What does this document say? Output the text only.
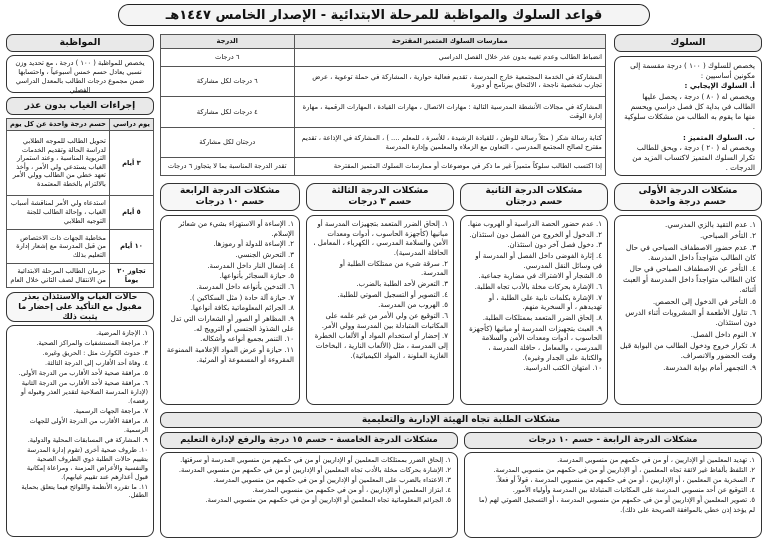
قواعد السلوك والمواظبة للمرحلة الابتدائية - الإصدار الخامس ١٤٤٧هـ
السلوك
يخصص للسلوك ( ١٠٠ ) درجة مقسمة إلى مكونين أساسيين :
أ. السلوك الإيجابي :
ويخصص له ( ٨٠ ) درجة ، يحصل عليها الطالب في بداية كل فصل دراسي ويحسم منها ما يقوم به الطالب من مشكلات سلوكية .
ب. السلوك المتميز :
ويخصص له ( ٢٠ ) درجة ، ويحق للطالب تكرار السلوك المتميز لاكتساب المزيد من الدرجات .
ممارسات السلوك المتميز المقترحة	الدرجة
انضباط الطالب وعدم تغيبه بدون عذر خلال الفصل الدراسي	٦ درجات
المشاركة في الخدمة المجتمعية خارج المدرسة ، تقديم فعالية حوارية ، المشاركة في حملة توعوية ، عرض تجارب شخصية ناجحة ، الالتحاق ببرنامج أو دورة	٦ درجات لكل مشاركة
المشاركة في مجالات الأنشطة المدرسية التالية : مهارات الاتصال ، مهارات القيادة ، المهارات الرقمية ، مهارة إدارة الوقت	٤ درجات لكل مشاركة
كتابة رسالة شكر ( مثلاً رسالة للوطن ، للقيادة الرشيدة ، للأسرة ، للمعلم .... ) ، المشاركة في الإذاعة ، تقديم مقترح لصالح المجتمع المدرسي ، التعاون مع الزملاء والمعلمين وإدارة المدرسة	درجتان لكل مشاركة
إذا اكتسب الطالب سلوكاً متميزاً غير ما ذكر في موضوعات أو ممارسات السلوك المتميز المقترحة	تقدر الدرجة المناسبة بما لا يتجاوز ٦ درجات
المواظبة
يخصص للمواظبة ( ١٠٠ ) درجة ، مع تحديد وزن نسبي يعادل حسم خمس أسبوعياً ، واحتسابها ضمن مجموع درجات الطالب بالمعدل الدراسي الفصلي
إجراءات الغياب بدون عذر
يوم دراسي	حسم درجة واحدة عن كل يوم
٣ أيام	تحويل الطالب للموجه الطلابي لدراسة الحالة وتقديم الخدمات التربوية المناسبة ، وعند استمرار الغياب يستدعي ولي الأمر ، وأخذ تعهد خطي من الطالب وولي الأمر بالالتزام بالخطة المعتمدة
٥ أيام	استدعاء ولي الأمر لمناقشة أسباب الغياب ، وإحالة الطالب للجنة التوجيه الطلابي
١٠ أيام	مخاطبة الجهات ذات الاختصاص من قبل المدرسة مع إشعار إدارة التعليم بذلك
تجاوز ٢٠ يوماً	حرمان الطالب المرحلة الابتدائية من الانتقال لصف الثاني خلال العام
حالات الغياب والاستئذان بعذر مقبول مع التأكيد على إحضار ما يثبت ذلك
١. الإجازة المرضية.
٢. مراجعة المستشفيات والمراكز الصحية.
٣. حدوث الكوارث مثل : الحريق وغيره.
٤. وفاة أحد الأقارب إلى الدرجة الثالثة.
٥. مرافقة صحية لأحد الأقارب من الدرجة الأولى.
٦. مرافقة صحية لأحد الأقارب من الدرجة الثانية (لإدارة المدرسة الصلاحية لتقدير العذر وقبوله أو رفضه).
٧. مراجعة الجهات الرسمية.
٨. مرافقة الأقارب من الدرجة الأولى للجهات الرسمية.
٩. المشاركة في المسابقات المحلية والدولية.
١٠. ظروف صحية أخرى (تقوم إدارة المدرسة بتقييم حالات الطلبة ذوي الظروف الصحية والنفسية والأعراض المزمنة ، ومراعاة إمكانية قبول أعذارهم عند تقييم غيابهم).
١١. ما تقرره الأنظمة واللوائح فيما يتعلق بحماية الطفل.
مشكلات الدرجة الأولى
حسم درجة واحدة
١. عدم التقيد بالزي المدرسي.
٢. التأخر الصباحي.
٣. عدم حضور الاصطفاف الصباحي في حال كان الطالب متواجداً داخل المدرسة.
٤. التأخر عن الاصطفاف الصباحي في حال كان الطالب متواجداً داخل المدرسة أو العبث أثنائه.
٥. التأخر في الدخول إلى الحصص.
٦. تناول الأطعمة أو المشروبات أثناء الدرس دون استئذان.
٧. النوم داخل الفصل.
٨. تكرار خروج ودخول الطالب من البوابة قبل وقت الحضور والانصراف.
٩. التجمهر أمام بوابة المدرسة.
مشكلات الدرجة الثانية
حسم درجتان
١. عدم حضور الحصة الدراسية أو الهروب منها.
٢. الدخول أو الخروج من الفصل دون استئذان.
٣. دخول فصل آخر دون استئذان.
٤. إثارة الفوضى داخل الفصل أو المدرسة أو في وسائل النقل المدرسي.
٥. الشجار أو الاشتراك في مضاربة جماعية.
٦. الإشارة بحركات مخلة بالأدب تجاه الطلبة.
٧. الإشارة بكلمات نابية على الطلبة ، أو تهديدهم ، أو السخرية منهم.
٨. إلحاق الضرر المتعمد بممتلكات الطلبة.
٩. العبث بتجهيزات المدرسة أو مبانيها (كأجهزة الحاسوب ، أدوات ومعدات الأمن والسلامة المدرسي ، والمعامل ، حافلة المدرسة ، والكتابة على الجدار وغيره).
١٠. امتهان الكتب الدراسية.
مشكلات الدرجة الثالثة
حسم ٣ درجات
١. إلحاق الضرر المتعمد بتجهيزات المدرسة أو مبانيها (كأجهزة الحاسوب ، أدوات ومعدات الأمن والسلامة المدرسي ، الكهرباء ، المعامل ، الحافلة المدرسية).
٢. سرقة شيء من ممتلكات الطلبة أو المدرسة.
٣. التعرض لأحد الطلبة بالضرب.
٤. التصوير أو التسجيل الصوتي للطلبة.
٥. الهروب من المدرسة.
٦. التوقيع عن ولي الأمر من غير علمه على المكاتبات المتبادلة بين المدرسة وولي الأمر.
٧. إحضار أو استخدام المواد أو الألعاب الخطرة إلى المدرسة ، مثل (الألعاب النارية ، البخاخات الغازية الملونة ، المواد الكيميائية).
مشكلات الدرجة الرابعة
حسم ١٠ درجات
١. الإساءة أو الاستهزاء بشيء من شعائر الإسلام.
٢. الإساءة للدولة أو رموزها.
٣. التحرش الجنسي.
٤. إشعال النار داخل المدرسة.
٥. حيازة السجائر بأنواعها.
٦. التدخين بأنواعه داخل المدرسة.
٧. حيازة آلة حادة ( مثل السكاكين ).
٨. الجرائم المعلوماتية بكافة أنواعها.
٩. المظاهر أو الصور أو الشعارات التي تدل على الشذوذ الجنسي أو الترويج له.
١٠. التنمر بجميع أنواعه وأشكاله.
١١. حيازة أو عرض المواد الإعلامية الممنوعة المقروءة أو المسموعة أو المرئية.
مشكلات الطلبة تجاه الهيئة الإدارية والتعليمية
مشكلات الدرجة الرابعة - حسم ١٠ درجات
١. تهديد المعلمين أو الإداريين ، أو من في حكمهم من منسوبي المدرسة.
٢. التلفظ بألفاظ غير لائقة تجاه المعلمين ، أو الإداريين أو من في حكمهم من منسوبي المدرسة.
٣. السخرية من المعلمين ، أو الإداريين ، أو من في حكمهم من منسوبي المدرسة ، قولاً أو فعلاً.
٤. التوقيع عن أحد منسوبي المدرسة على المكاتبات المتبادلة بين المدرسة وأولياء الأمور.
٥. تصوير المعلمين أو الإداريين أو من في حكمهم من منسوبي المدرسة ، أو التسجيل الصوتي لهم (ما لم يؤخذ إذن خطي بالموافقة الصريحة على ذلك).
مشكلات الدرجة الخامسة - حسم ١٥ درجة والرفع لإدارة التعليم
١. إلحاق الضرر بممتلكات المعلمين أو الإداريين أو من في حكمهم من منسوبي المدرسة أو سرقتها.
٢. الإشارة بحركات مخلة بالأدب تجاه المعلمين أو الإداريين أو من في حكمهم من منسوبي المدرسة.
٣. الاعتداء بالضرب على المعلمين أو الإداريين أو من في حكمهم من منسوبي المدرسة.
٤. ابتزاز المعلمين أو الإداريين ، أو من في حكمهم من منسوبي المدرسة.
٥. الجرائم المعلوماتية تجاه المعلمين أو الإداريين أو من في حكمهم من منسوبي المدرسة.
